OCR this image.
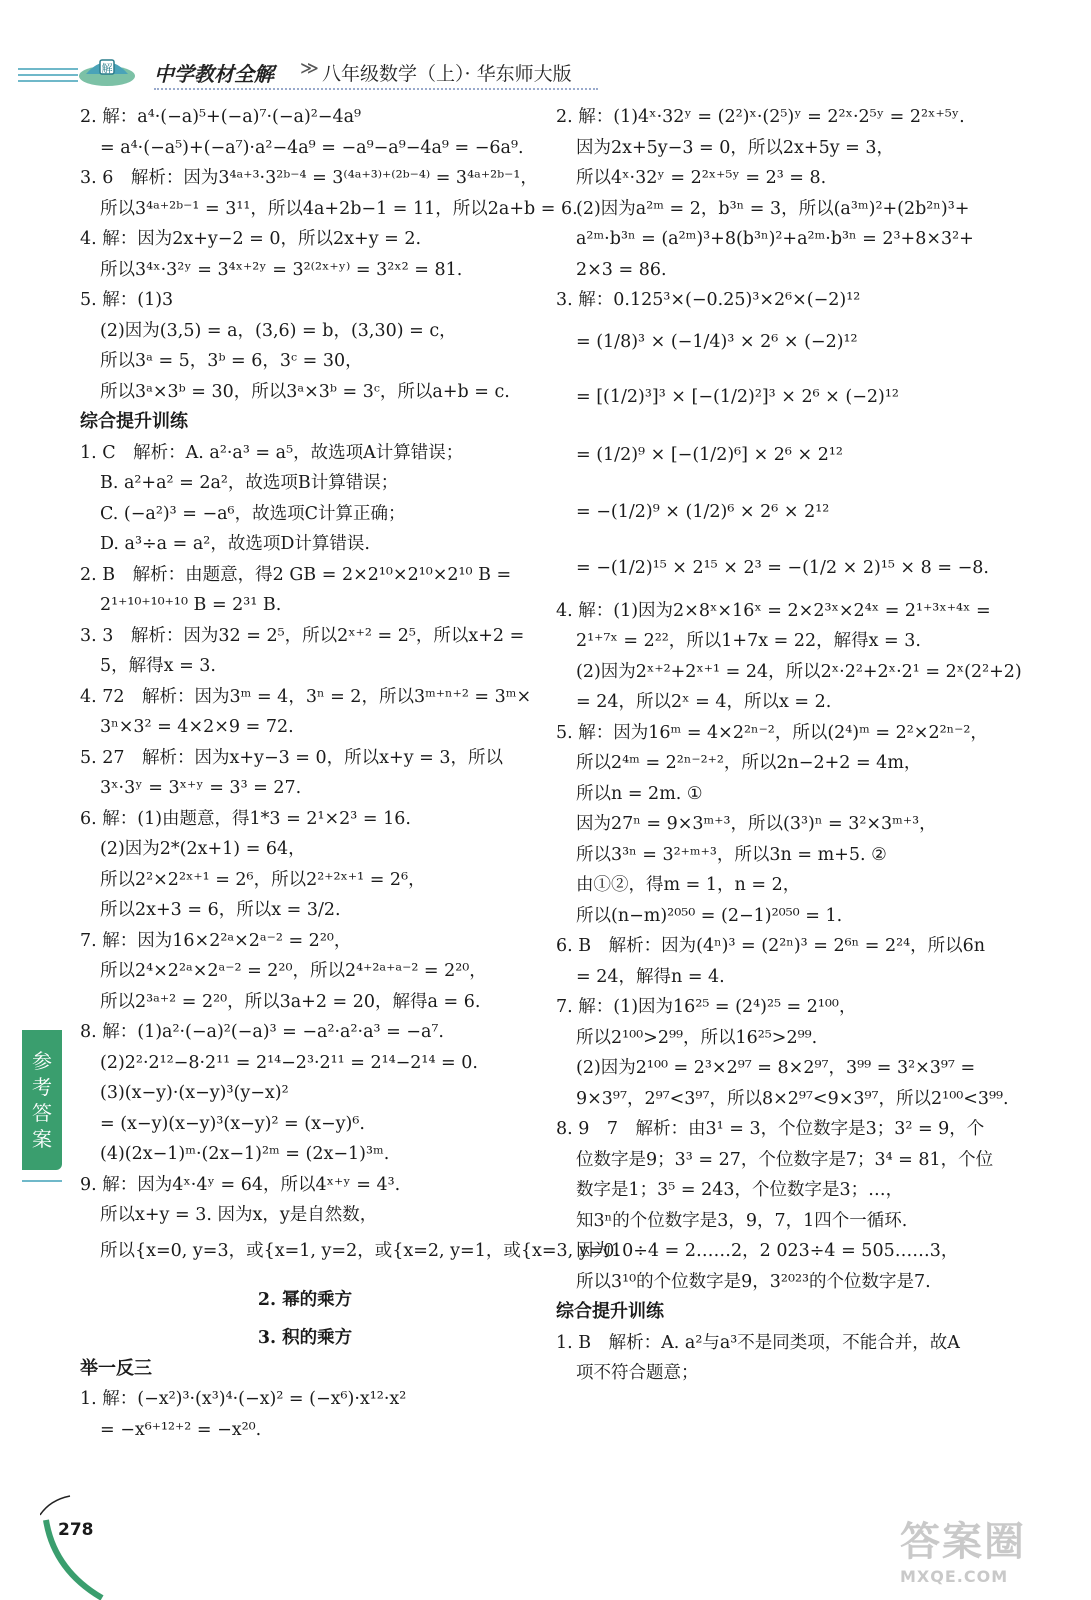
解 中学教材全解 ≫ 八年级数学（上）· 华东师大版
2. 解：a⁴·(−a)⁵+(−a)⁷·(−a)²−4a⁹
= a⁴·(−a⁵)+(−a⁷)·a²−4a⁹ = −a⁹−a⁹−4a⁹ = −6a⁹.
3. 6　解析：因为3⁴ᵃ⁺³·3²ᵇ⁻⁴ = 3⁽⁴ᵃ⁺³⁾⁺⁽²ᵇ⁻⁴⁾ = 3⁴ᵃ⁺²ᵇ⁻¹，
所以3⁴ᵃ⁺²ᵇ⁻¹ = 3¹¹，所以4a+2b−1 = 11，所以2a+b = 6.
4. 解：因为2x+y−2 = 0，所以2x+y = 2.
所以3⁴ˣ·3²ʸ = 3⁴ˣ⁺²ʸ = 3²⁽²ˣ⁺ʸ⁾ = 3²ˣ² = 81.
5. 解：(1)3
(2)因为(3,5) = a，(3,6) = b，(3,30) = c，
所以3ᵃ = 5，3ᵇ = 6，3ᶜ = 30，
所以3ᵃ×3ᵇ = 30，所以3ᵃ×3ᵇ = 3ᶜ，所以a+b = c.
综合提升训练
1. C　解析：A. a²·a³ = a⁵，故选项A计算错误；
B. a²+a² = 2a²，故选项B计算错误；
C. (−a²)³ = −a⁶，故选项C计算正确；
D. a³÷a = a²，故选项D计算错误.
2. B　解析：由题意，得2 GB = 2×2¹⁰×2¹⁰×2¹⁰ B =
2¹⁺¹⁰⁺¹⁰⁺¹⁰ B = 2³¹ B.
3. 3　解析：因为32 = 2⁵，所以2ˣ⁺² = 2⁵，所以x+2 =
5，解得x = 3.
4. 72　解析：因为3ᵐ = 4，3ⁿ = 2，所以3ᵐ⁺ⁿ⁺² = 3ᵐ×
3ⁿ×3² = 4×2×9 = 72.
5. 27　解析：因为x+y−3 = 0，所以x+y = 3，所以
3ˣ·3ʸ = 3ˣ⁺ʸ = 3³ = 27.
6. 解：(1)由题意，得1*3 = 2¹×2³ = 16.
(2)因为2*(2x+1) = 64，
所以2²×2²ˣ⁺¹ = 2⁶，所以2²⁺²ˣ⁺¹ = 2⁶，
所以2x+3 = 6，所以x = 3/2.
7. 解：因为16×2²ᵃ×2ᵃ⁻² = 2²⁰，
所以2⁴×2²ᵃ×2ᵃ⁻² = 2²⁰，所以2⁴⁺²ᵃ⁺ᵃ⁻² = 2²⁰，
所以2³ᵃ⁺² = 2²⁰，所以3a+2 = 20，解得a = 6.
8. 解：(1)a²·(−a)²(−a)³ = −a²·a²·a³ = −a⁷.
(2)2²·2¹²−8·2¹¹ = 2¹⁴−2³·2¹¹ = 2¹⁴−2¹⁴ = 0.
(3)(x−y)·(x−y)³(y−x)²
= (x−y)(x−y)³(x−y)² = (x−y)⁶.
(4)(2x−1)ᵐ·(2x−1)²ᵐ = (2x−1)³ᵐ.
9. 解：因为4ˣ·4ʸ = 64，所以4ˣ⁺ʸ = 4³.
所以x+y = 3. 因为x，y是自然数，
所以{x=0, y=3，或{x=1, y=2，或{x=2, y=1，或{x=3, y=0.
2. 幂的乘方
3. 积的乘方
举一反三
1. 解：(−x²)³·(x³)⁴·(−x)² = (−x⁶)·x¹²·x²
= −x⁶⁺¹²⁺² = −x²⁰.
2. 解：(1)4ˣ·32ʸ = (2²)ˣ·(2⁵)ʸ = 2²ˣ·2⁵ʸ = 2²ˣ⁺⁵ʸ.
因为2x+5y−3 = 0，所以2x+5y = 3，
所以4ˣ·32ʸ = 2²ˣ⁺⁵ʸ = 2³ = 8.
(2)因为a²ᵐ = 2，b³ⁿ = 3，所以(a³ᵐ)²+(2b²ⁿ)³+
a²ᵐ·b³ⁿ = (a²ᵐ)³+8(b³ⁿ)²+a²ᵐ·b³ⁿ = 2³+8×3²+
2×3 = 86.
3. 解：0.125³×(−0.25)³×2⁶×(−2)¹²
= (1/8)³ × (−1/4)³ × 2⁶ × (−2)¹²
= [(1/2)³]³ × [−(1/2)²]³ × 2⁶ × (−2)¹²
= (1/2)⁹ × [−(1/2)⁶] × 2⁶ × 2¹²
= −(1/2)⁹ × (1/2)⁶ × 2⁶ × 2¹²
= −(1/2)¹⁵ × 2¹⁵ × 2³ = −(1/2 × 2)¹⁵ × 8 = −8.
4. 解：(1)因为2×8ˣ×16ˣ = 2×2³ˣ×2⁴ˣ = 2¹⁺³ˣ⁺⁴ˣ =
2¹⁺⁷ˣ = 2²²，所以1+7x = 22，解得x = 3.
(2)因为2ˣ⁺²+2ˣ⁺¹ = 24，所以2ˣ·2²+2ˣ·2¹ = 2ˣ(2²+2)
= 24，所以2ˣ = 4，所以x = 2.
5. 解：因为16ᵐ = 4×2²ⁿ⁻²，所以(2⁴)ᵐ = 2²×2²ⁿ⁻²，
所以2⁴ᵐ = 2²ⁿ⁻²⁺²，所以2n−2+2 = 4m，
所以n = 2m. ①
因为27ⁿ = 9×3ᵐ⁺³，所以(3³)ⁿ = 3²×3ᵐ⁺³，
所以3³ⁿ = 3²⁺ᵐ⁺³，所以3n = m+5. ②
由①②，得m = 1，n = 2，
所以(n−m)²⁰⁵⁰ = (2−1)²⁰⁵⁰ = 1.
6. B　解析：因为(4ⁿ)³ = (2²ⁿ)³ = 2⁶ⁿ = 2²⁴，所以6n
= 24，解得n = 4.
7. 解：(1)因为16²⁵ = (2⁴)²⁵ = 2¹⁰⁰，
所以2¹⁰⁰>2⁹⁹，所以16²⁵>2⁹⁹.
(2)因为2¹⁰⁰ = 2³×2⁹⁷ = 8×2⁹⁷，3⁹⁹ = 3²×3⁹⁷ =
9×3⁹⁷，2⁹⁷<3⁹⁷，所以8×2⁹⁷<9×3⁹⁷，所以2¹⁰⁰<3⁹⁹.
8. 9　7　解析：由3¹ = 3，个位数字是3；3² = 9，个
位数字是9；3³ = 27，个位数字是7；3⁴ = 81，个位
数字是1；3⁵ = 243，个位数字是3；…，
知3ⁿ的个位数字是3，9，7，1四个一循环.
因为10÷4 = 2……2，2 023÷4 = 505……3，
所以3¹⁰的个位数字是9，3²⁰²³的个位数字是7.
综合提升训练
1. B　解析：A. a²与a³不是同类项，不能合并，故A
项不符合题意；
参考答案
278	答案圈
MXQE.COM
